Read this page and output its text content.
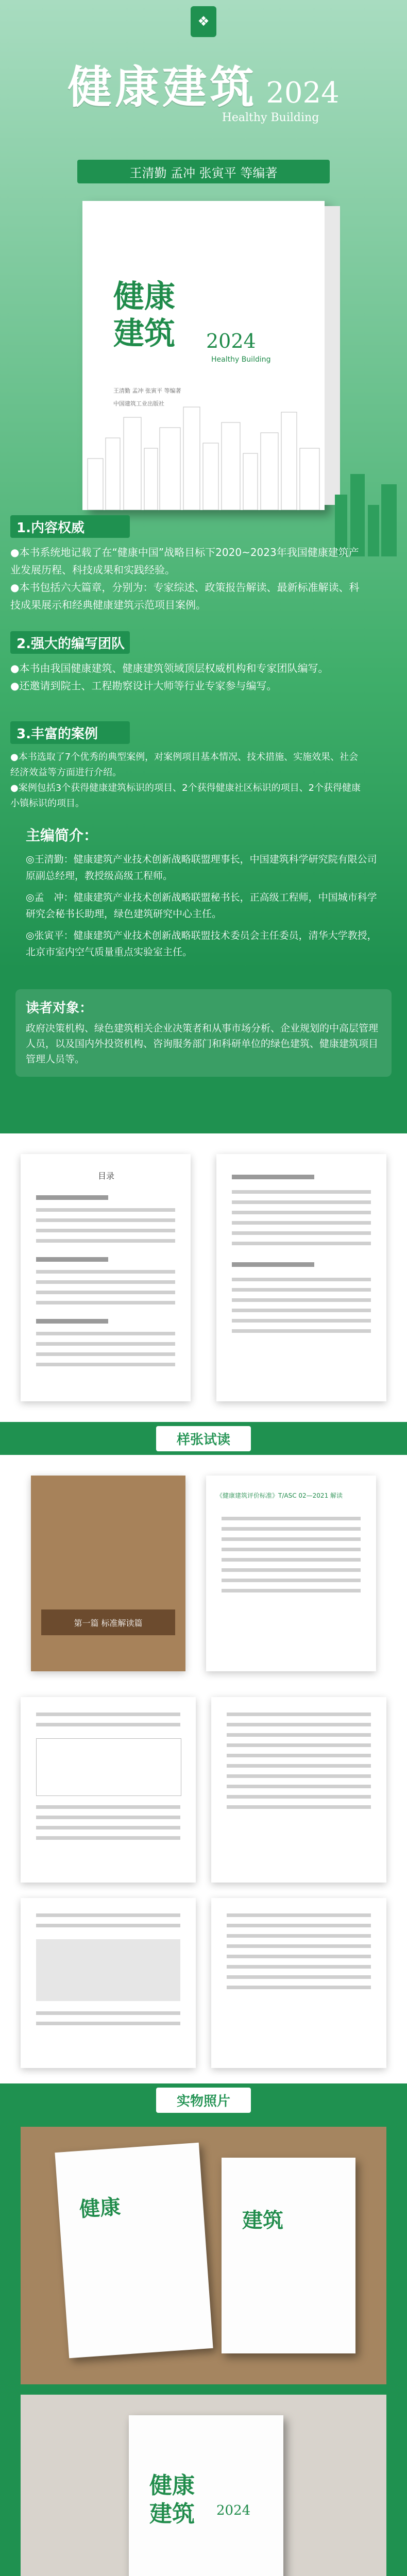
❖
健康建筑 2024
Healthy Building
王清勤 孟冲 张寅平 等编著
健康
建筑 2024
Healthy Building
王清勤 孟冲 张寅平 等编著
中国建筑工业出版社
1.内容权威

●本书系统地记载了在“健康中国”战略目标下2020~2023年我国健康建筑产业发展历程、科技成果和实践经验。

●本书包括六大篇章，分别为：专家综述、政策报告解读、最新标准解读、科技成果展示和经典健康建筑示范项目案例。

2.强大的编写团队

●本书由我国健康建筑、健康建筑领域顶层权威机构和专家团队编写。

●还邀请到院士、工程勘察设计大师等行业专家参与编写。

3.丰富的案例

●本书选取了7个优秀的典型案例，对案例项目基本情况、技术措施、实施效果、社会经济效益等方面进行介绍。

●案例包括3个获得健康建筑标识的项目、2个获得健康社区标识的项目、2个获得健康小镇标识的项目。

主编简介：
◎王清勤：健康建筑产业技术创新战略联盟理事长，中国建筑科学研究院有限公司原副总经理，教授级高级工程师。
◎孟　冲：健康建筑产业技术创新战略联盟秘书长，正高级工程师，中国城市科学研究会秘书长助理，绿色建筑研究中心主任。
◎张寅平：健康建筑产业技术创新战略联盟技术委员会主任委员，清华大学教授，北京市室内空气质量重点实验室主任。
读者对象：

政府决策机构、绿色建筑相关企业决策者和从事市场分析、企业规划的中高层管理人员，以及国内外投资机构、咨询服务部门和科研单位的绿色建筑、健康建筑项目管理人员等。

目录
样张试读
第一篇 标准解读篇
《健康建筑评价标准》T/ASC 02—2021 解读
实物照片
健康	建筑
健康
建筑 2024
